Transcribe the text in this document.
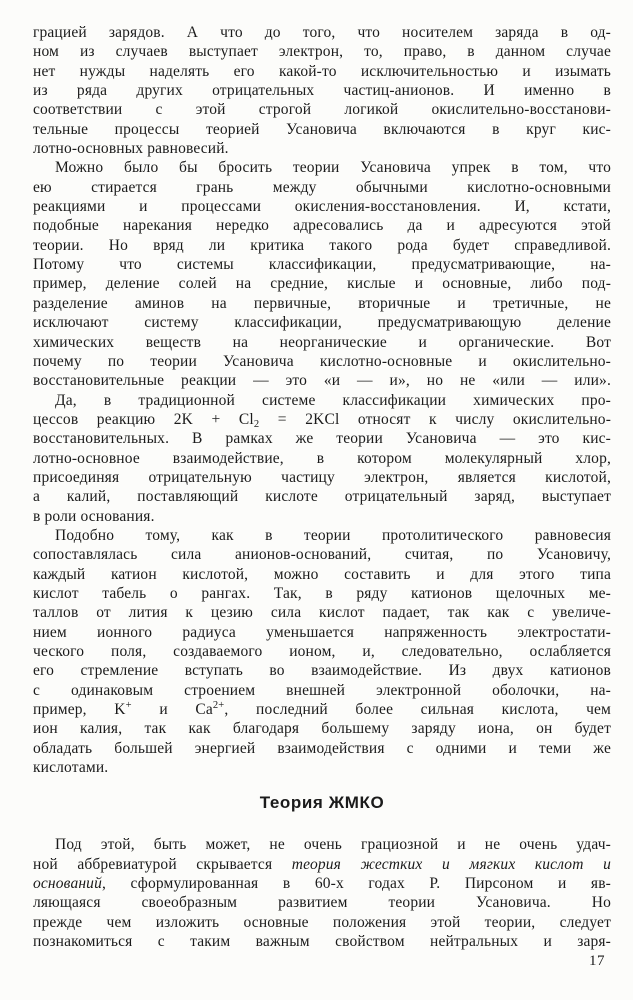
грацией зарядов. А что до того, что носителем заряда в од-
ном из случаев выступает электрон, то, право, в данном случае
нет нужды наделять его какой-то исключительностью и изымать
из ряда других отрицательных частиц-анионов. И именно в
соответствии с этой строгой логикой окислительно-восстанови-
тельные процессы теорией Усановича включаются в круг кис-
лотно-основных равновесий.
Можно было бы бросить теории Усановича упрек в том, что
ею стирается грань между обычными кислотно-основными
реакциями и процессами окисления-восстановления. И, кстати,
подобные нарекания нередко адресовались да и адресуются этой
теории. Но вряд ли критика такого рода будет справедливой.
Потому что системы классификации, предусматривающие, на-
пример, деление солей на средние, кислые и основные, либо под-
разделение аминов на первичные, вторичные и третичные, не
исключают систему классификации, предусматривающую деление
химических веществ на неорганические и органические. Вот
почему по теории Усановича кислотно-основные и окислительно-
восстановительные реакции — это «и — и», но не «или — или».
Да, в традиционной системе классификации химических про-
цессов реакцию $2K + Cl_2 = 2KCl$ относят к числу окислительно-
восстановительных. В рамках же теории Усановича — это кис-
лотно-основное взаимодействие, в котором молекулярный хлор,
присоединяя отрицательную частицу электрон, является кислотой,
а калий, поставляющий кислоте отрицательный заряд, выступает
в роли основания.
Подобно тому, как в теории протолитического равновесия
сопоставлялась сила анионов-оснований, считая, по Усановичу,
каждый катион кислотой, можно составить и для этого типа
кислот табель о рангах. Так, в ряду катионов щелочных ме-
таллов от лития к цезию сила кислот падает, так как с увеличе-
нием ионного радиуса уменьшается напряженность электростати-
ческого поля, создаваемого ионом, и, следовательно, ослабляется
его стремление вступать во взаимодействие. Из двух катионов
с одинаковым строением внешней электронной оболочки, на-
пример, K+ и $Ca^{2+}$, последний более сильная кислота, чем
ион калия, так как благодаря большему заряду иона, он будет
обладать большей энергией взаимодействия с одними и теми же
кислотами.
Теория ЖМКО
Под этой, быть может, не очень грациозной и не очень удач-
ной аббревиатурой скрывается теория жестких и мягких кислот и
оснований, сформулированная в 60-х годах Р. Пирсоном и яв-
ляющаяся своеобразным развитием теории Усановича. Но
прежде чем изложить основные положения этой теории, следует
познакомиться с таким важным свойством нейтральных и заря-
17
